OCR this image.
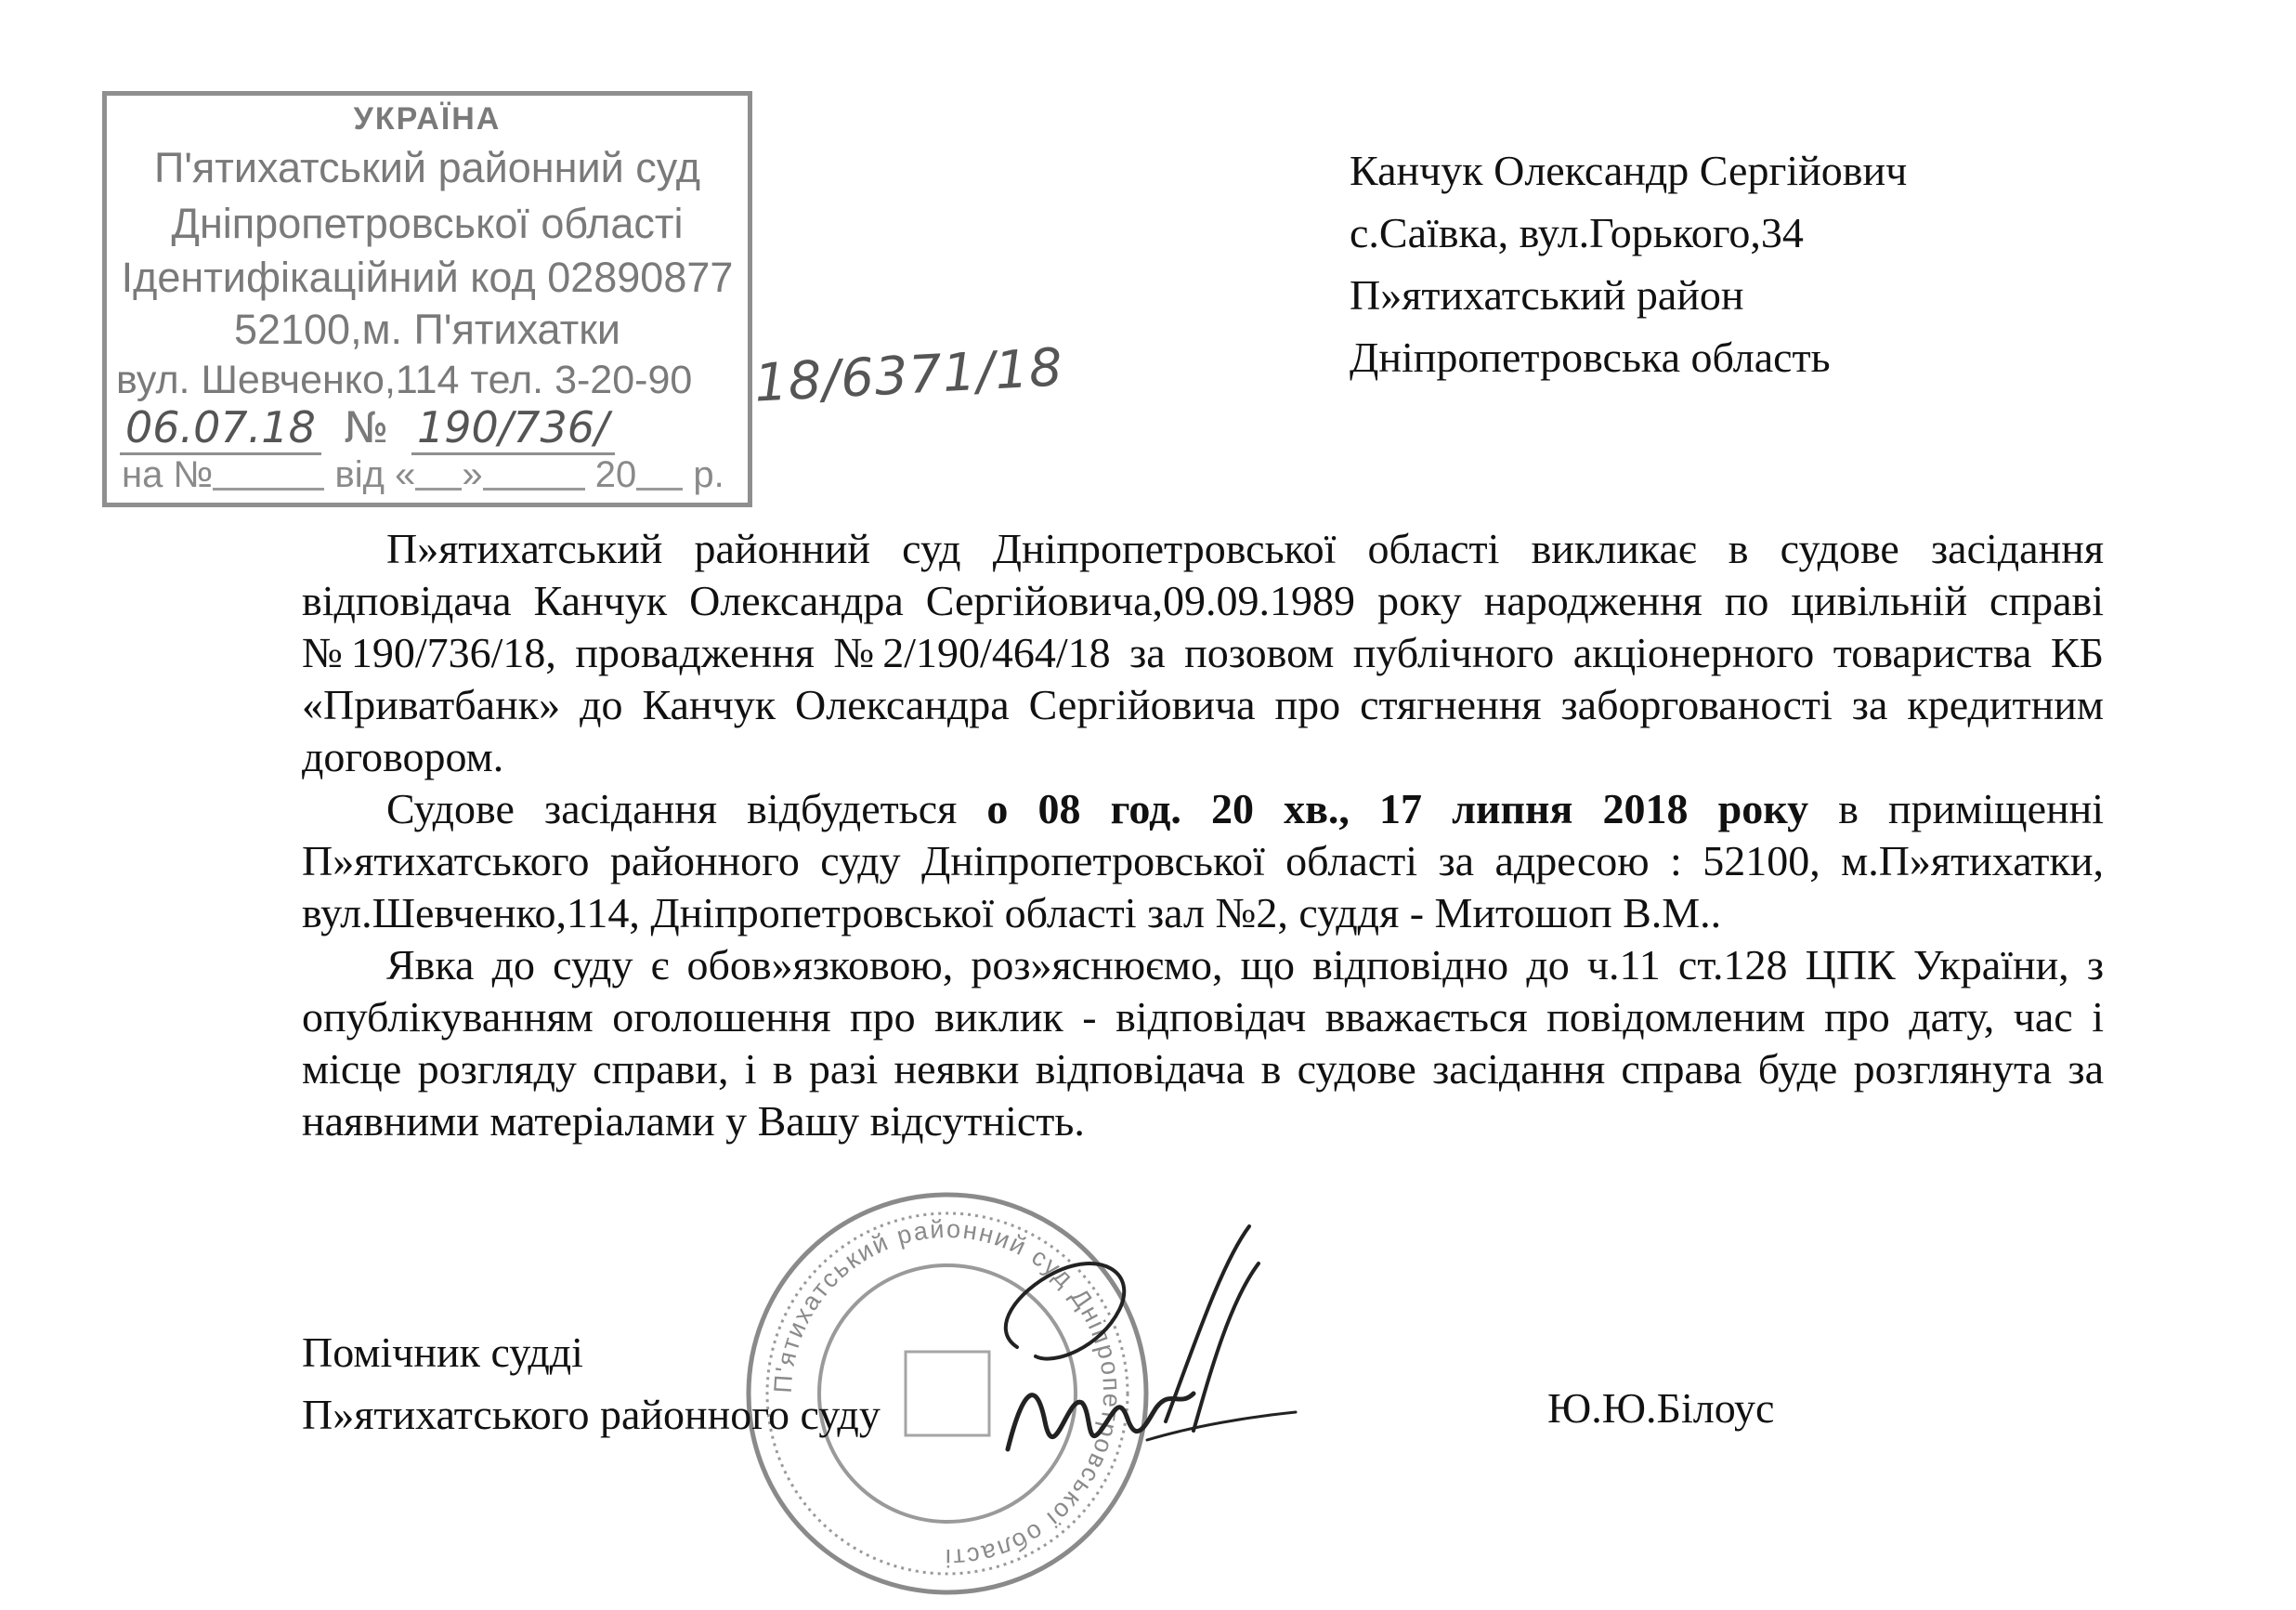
УКРАЇНА
П'ятихатський районний суд
Дніпропетровської області
Ідентифікаційний код 02890877
52100,м. П'ятихатки
вул. Шевченко,114 тел. 3-20-90
06.07.18 № 190/736/
на №	від « »	20 р.
18/6371/18
Канчук Олександр Сергійович
с.Саївка, вул.Горького,34
П»ятихатський район
Дніпропетровська область

П»ятихатський районний суд Дніпропетровської області викликає в судове засідання відповідача Канчук Олександра Сергійовича,09.09.1989 року народження по цивільній справі №190/736/18, провадження №2/190/464/18 за позовом публічного акціонерного товариства КБ «Приватбанк» до Канчук Олександра Сергійовича про стягнення заборгованості за кредитним договором.

Судове засідання відбудеться о 08 год. 20 хв., 17 липня 2018 року в приміщенні П»ятихатського районного суду Дніпропетровської області за адресою : 52100, м.П»ятихатки, вул.Шевченко,114, Дніпропетровської області зал №2, суддя - Митошоп В.М..

Явка до суду є обов»язковою, роз»яснюємо, що відповідно до ч.11 ст.128 ЦПК України, з опублікуванням оголошення про виклик - відповідач вважається повідомленим про дату, час і місце розгляду справи, і в разі неявки відповідача в судове засідання справа буде розглянута за наявними матеріалами у Вашу відсутність.

П'ятихатський районний суд Дніпропетровської області
Помічник судді
П»ятихатського районного суду	Ю.Ю.Білоус
